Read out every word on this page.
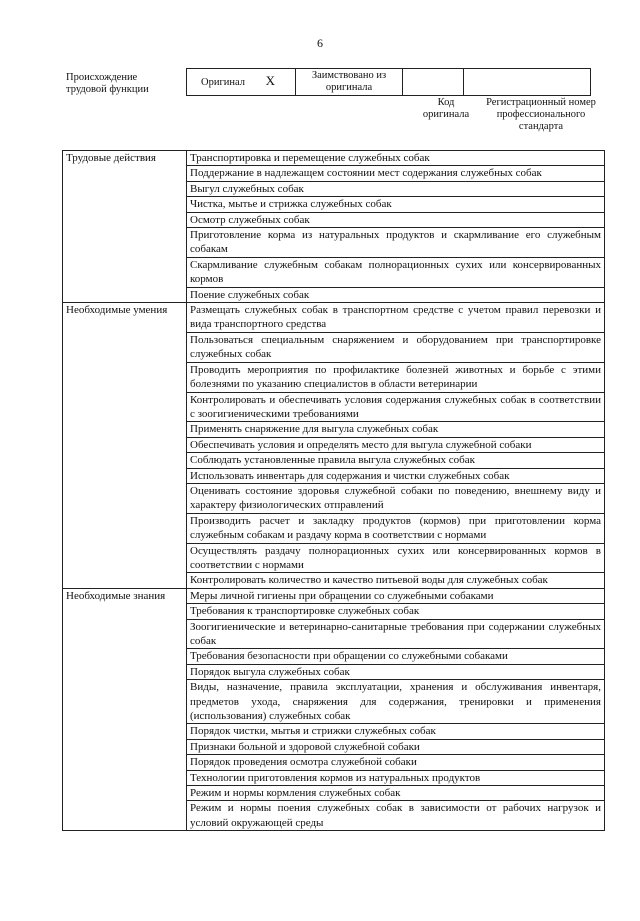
6
Происхождение трудовой функции
Оригинал X	Заимствовано из оригинала		
Код оригинала
Регистрационный номер профессионального стандарта
Трудовые действия	Транспортировка и перемещение служебных собак
	Поддержание в надлежащем состоянии мест содержания служебных собак
	Выгул служебных собак
	Чистка, мытье и стрижка служебных собак
	Осмотр служебных собак
	Приготовление корма из натуральных продуктов и скармливание его служебным собакам
	Скармливание служебным собакам полнорационных сухих или консервированных кормов
	Поение служебных собак
Необходимые умения	Размещать служебных собак в транспортном средстве с учетом правил перевозки и вида транспортного средства
	Пользоваться специальным снаряжением и оборудованием при транспортировке служебных собак
	Проводить мероприятия по профилактике болезней животных и борьбе с этими болезнями по указанию специалистов в области ветеринарии
	Контролировать и обеспечивать условия содержания служебных собак в соответствии с зоогигиеническими требованиями
	Применять снаряжение для выгула служебных собак
	Обеспечивать условия и определять место для выгула служебной собаки
	Соблюдать установленные правила выгула служебных собак
	Использовать инвентарь для содержания и чистки служебных собак
	Оценивать состояние здоровья служебной собаки по поведению, внешнему виду и характеру физиологических отправлений
	Производить расчет и закладку продуктов (кормов) при приготовлении корма служебным собакам и раздачу корма в соответствии с нормами
	Осуществлять раздачу полнорационных сухих или консервированных кормов в соответствии с нормами
	Контролировать количество и качество питьевой воды для служебных собак
Необходимые знания	Меры личной гигиены при обращении со служебными собаками
	Требования к транспортировке служебных собак
	Зоогигиенические и ветеринарно-санитарные требования при содержании служебных собак
	Требования безопасности при обращении со служебными собаками
	Порядок выгула служебных собак
	Виды, назначение, правила эксплуатации, хранения и обслуживания инвентаря, предметов ухода, снаряжения для содержания, тренировки и применения (использования) служебных собак
	Порядок чистки, мытья и стрижки служебных собак
	Признаки больной и здоровой служебной собаки
	Порядок проведения осмотра служебной собаки
	Технологии приготовления кормов из натуральных продуктов
	Режим и нормы кормления служебных собак
	Режим и нормы поения служебных собак в зависимости от рабочих нагрузок и условий окружающей среды
